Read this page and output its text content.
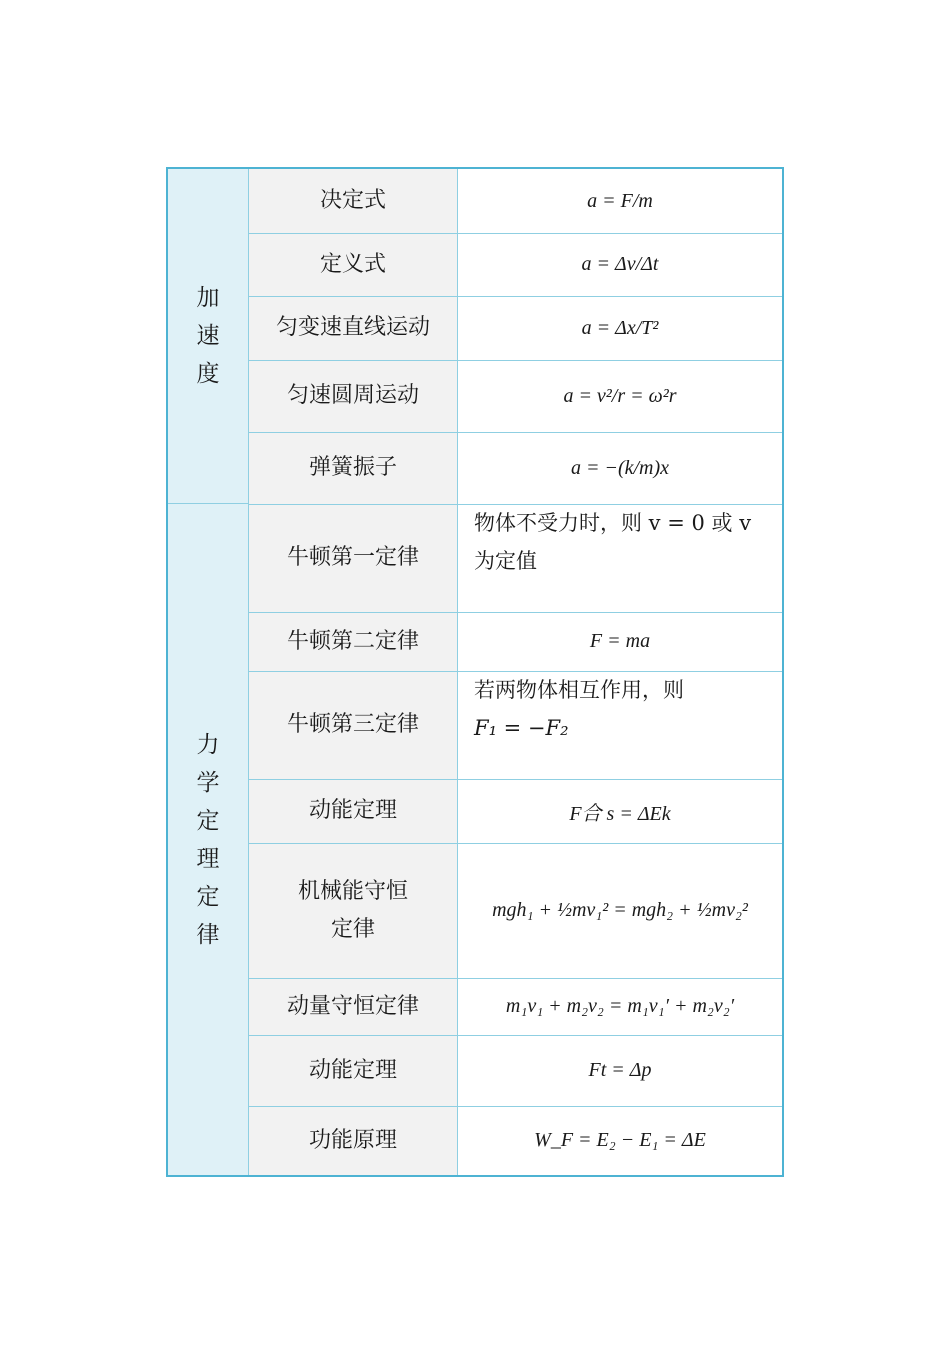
加
速
度
力
学
定
理
定
律
决定式
定义式
匀变速直线运动
匀速圆周运动
弹簧振子
牛顿第一定律
牛顿第二定律
牛顿第三定律
动能定理
机械能守恒
定律
动量守恒定律
动能定理
功能原理
a = F/m
a = Δv/Δt
a = Δx/T²
a = v²/r = ω²r
a = −(k/m)x
物体不受力时，则 v = 0 或 v
为定值
F = ma
若两物体相互作用，则
F₁ = −F₂
F合 s = ΔEk
mgh₁ + ½mv₁² = mgh₂ + ½mv₂²
m₁v₁ + m₂v₂ = m₁v₁′ + m₂v₂′
Ft = Δp
W_F = E₂ − E₁ = ΔE
